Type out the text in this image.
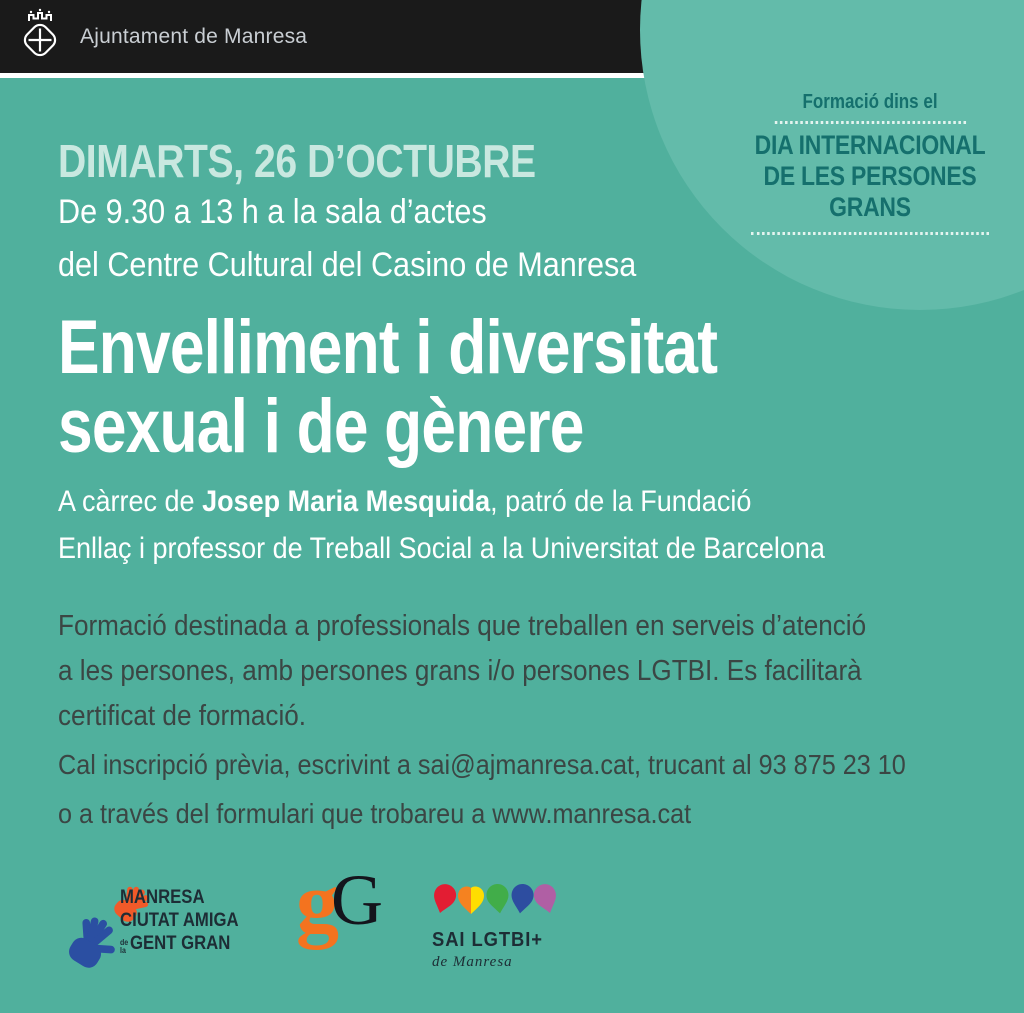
Ajuntament de Manresa
Formació dins el
DIA INTERNACIONAL
DE LES PERSONES GRANS
DIMARTS, 26 D’OCTUBRE
De 9.30 a 13 h a la sala d’actes
del Centre Cultural del Casino de Manresa
Envelliment i diversitat
sexual i de gènere
A càrrec de Josep Maria Mesquida, patró de la Fundació
Enllaç i professor de Treball Social a la Universitat de Barcelona
Formació destinada a professionals que treballen en serveis d’atenció
a les persones, amb persones grans i/o persones LGTBI. Es facilitarà
certificat de formació.
Cal inscripció prèvia, escrivint a sai@ajmanresa.cat, trucant al 93 875 23 10
o a través del formulari que trobareu a www.manresa.cat
MANRESA
CIUTAT AMIGA
de
la GENT GRAN g
G SAI LGTBI+
de Manresa
